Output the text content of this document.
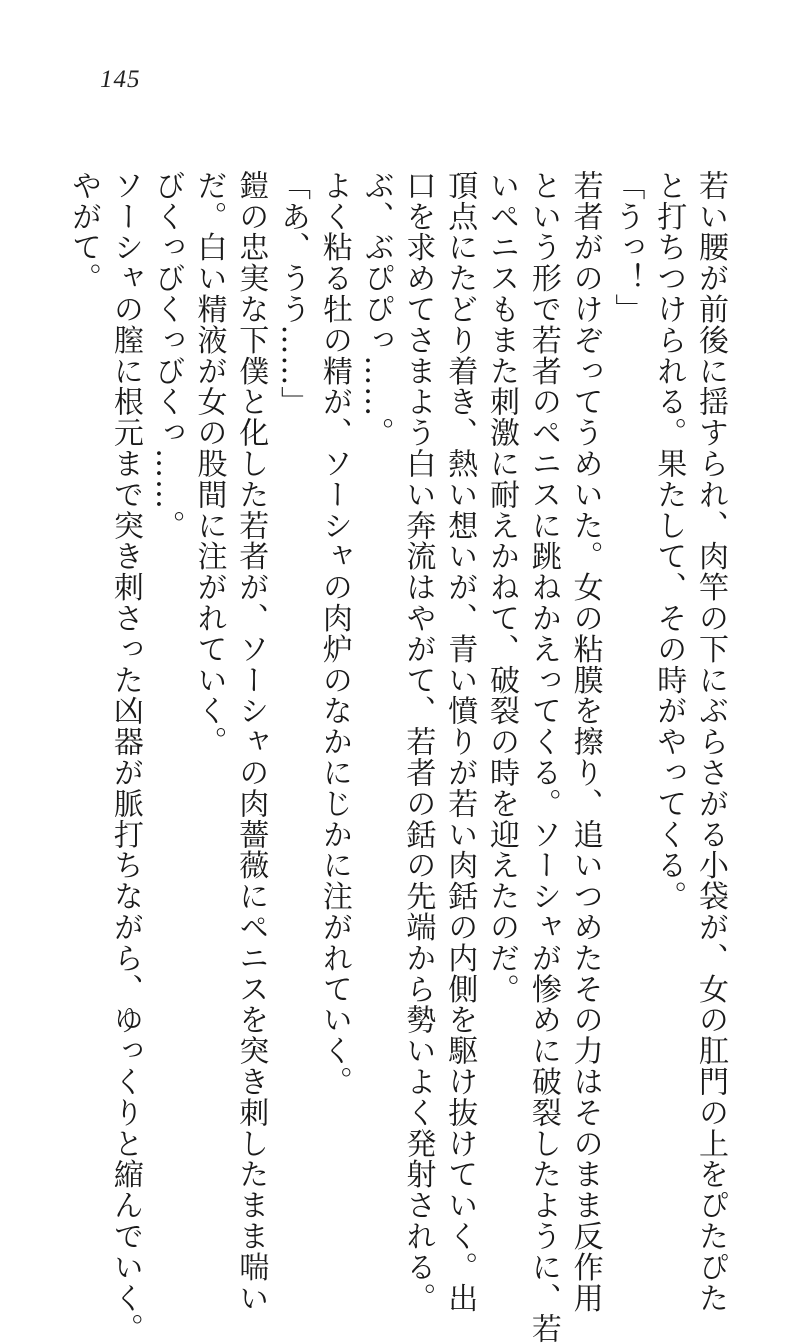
145

若い腰が前後に揺すられ、肉竿の下にぶらさがる小袋が、女の肛門の上をぴたぴた

と打ちつけられる。果たして、その時がやってくる。

「うっ！」

若者がのけぞってうめいた。女の粘膜を擦り、追いつめたその力はそのまま反作用

という形で若者のペニスに跳ねかえってくる。ソーシャが惨めに破裂したように、若

いペニスもまた刺激に耐えかねて、破裂の時を迎えたのだ。

頂点にたどり着き、熱い想いが、青い憤りが若い肉銛の内側を駆け抜けていく。出

口を求めてさまよう白い奔流はやがて、若者の銛の先端から勢いよく発射される。

ぶ、ぶぴぴっ……。

よく粘る牡の精が、ソーシャの肉炉のなかにじかに注がれていく。

「あ、うう……」

鎧の忠実な下僕と化した若者が、ソーシャの肉薔薇にペニスを突き刺したまま喘い

だ。白い精液が女の股間に注がれていく。

びくっびくっびくっ……。

ソーシャの膣に根元まで突き刺さった凶器が脈打ちながら、ゆっくりと縮んでいく。

やがて。
